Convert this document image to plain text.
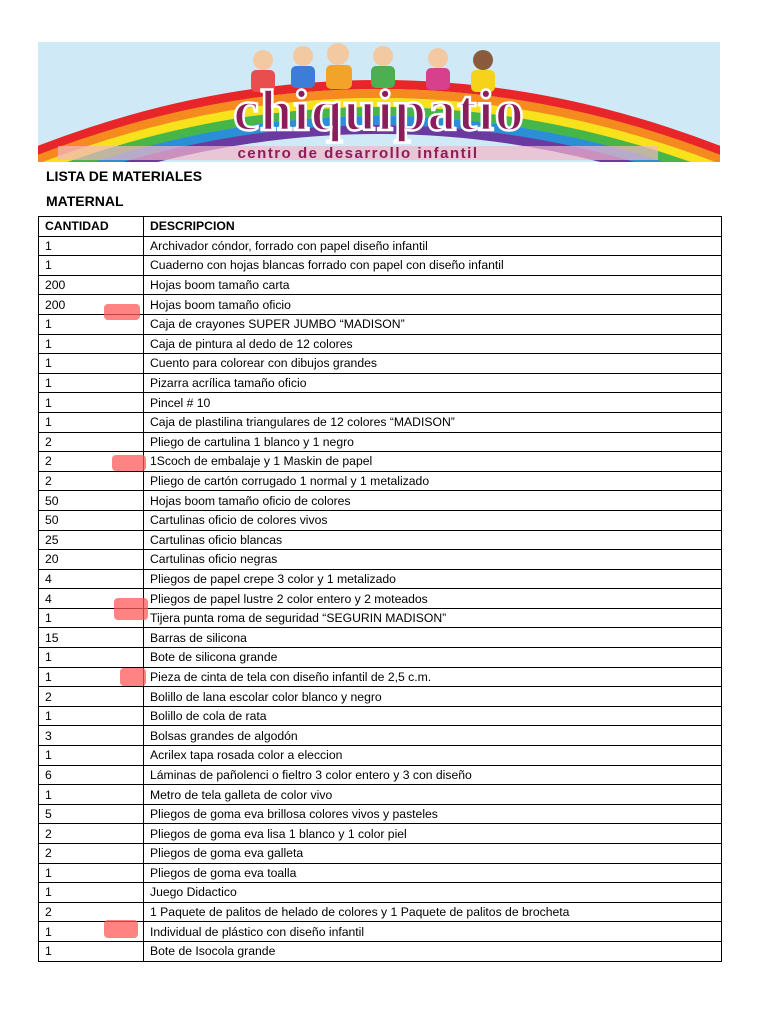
chiquipatio
centro de desarrollo infantil
LISTA DE MATERIALES
MATERNAL
CANTIDAD	DESCRIPCION
1	Archivador cóndor, forrado con papel diseño infantil
1	Cuaderno con hojas blancas forrado con papel con diseño infantil
200	Hojas boom tamaño carta
200	Hojas boom tamaño oficio
1	Caja de crayones SUPER JUMBO “MADISON”
1	Caja de pintura al dedo de 12 colores
1	Cuento para colorear con dibujos grandes
1	Pizarra acrílica tamaño oficio
1	Pincel # 10
1	Caja de plastilina triangulares de 12 colores “MADISON”
2	Pliego de cartulina 1 blanco y 1 negro
2	1Scoch de embalaje y 1 Maskin de papel
2	Pliego de cartón corrugado 1 normal y 1 metalizado
50	Hojas boom tamaño oficio de colores
50	Cartulinas oficio de colores vivos
25	Cartulinas oficio blancas
20	Cartulinas oficio negras
4	Pliegos de papel crepe 3 color y 1 metalizado
4	Pliegos de papel lustre 2 color entero y 2 moteados
1	Tijera punta roma de seguridad “SEGURIN MADISON”
15	Barras de silicona
1	Bote de silicona grande
1	Pieza de cinta de tela con diseño infantil de 2,5 c.m.
2	Bolillo de lana escolar color blanco y negro
1	Bolillo de cola de rata
3	Bolsas grandes de algodón
1	Acrilex tapa rosada color a eleccion
6	Láminas de pañolenci o fieltro 3 color entero y 3 con diseño
1	Metro de tela galleta de color vivo
5	Pliegos de goma eva brillosa colores vivos y pasteles
2	Pliegos de goma eva lisa 1 blanco y 1 color piel
2	Pliegos de goma eva galleta
1	Pliegos de goma eva toalla
1	Juego Didactico
2	1 Paquete de palitos de helado de colores y 1 Paquete de palitos de brocheta
1	Individual de plástico con diseño infantil
1	Bote de Isocola grande
